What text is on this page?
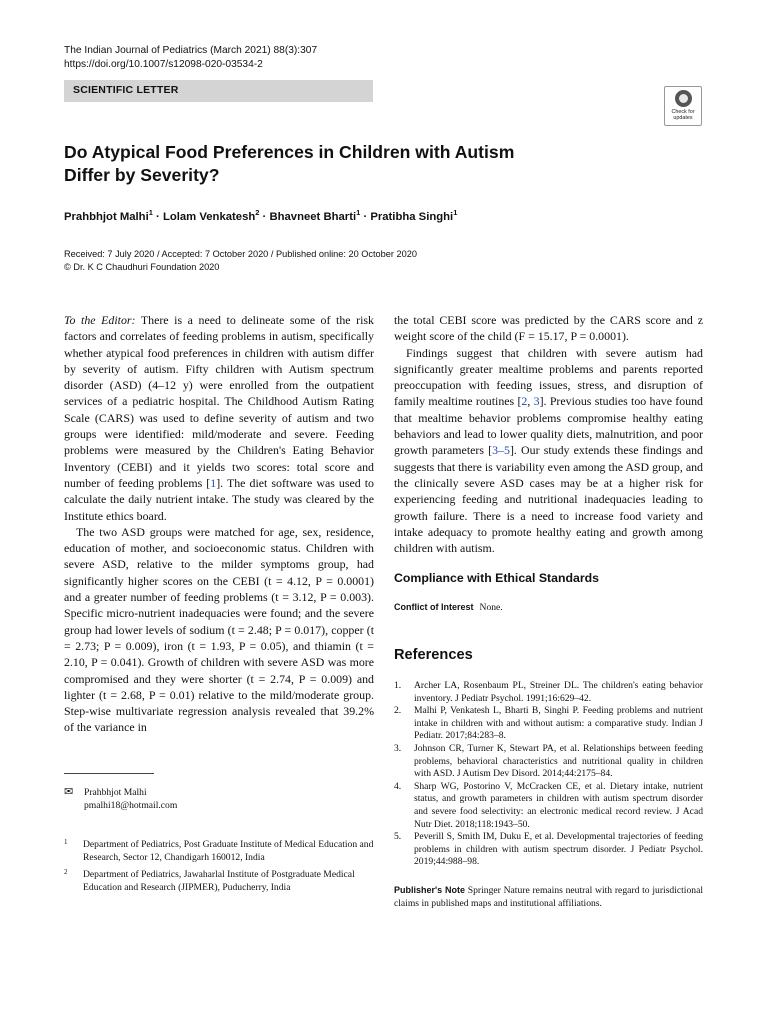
The Indian Journal of Pediatrics (March 2021) 88(3):307
https://doi.org/10.1007/s12098-020-03534-2
SCIENTIFIC LETTER
Check for updates
Do Atypical Food Preferences in Children with Autism Differ by Severity?
Prahbhjot Malhi$^1$ · Lolam Venkatesh$^2$ · Bhavneet Bharti$^1$ · Pratibha Singhi$^1$
Received: 7 July 2020 / Accepted: 7 October 2020 / Published online: 20 October 2020
© Dr. K C Chaudhuri Foundation 2020

To the Editor: There is a need to delineate some of the risk factors and correlates of feeding problems in autism, specifically whether atypical food preferences in children with autism differ by severity of autism. Fifty children with Autism spectrum disorder (ASD) (4–12 y) were enrolled from the outpatient services of a pediatric hospital. The Childhood Autism Rating Scale (CARS) was used to define severity of autism and two groups were identified: mild/moderate and severe. Feeding problems were measured by the Children's Eating Behavior Inventory (CEBI) and it yields two scores: total score and number of feeding problems [1]. The diet software was used to calculate the daily nutrient intake. The study was cleared by the Institute ethics board.

The two ASD groups were matched for age, sex, residence, education of mother, and socioeconomic status. Children with severe ASD, relative to the milder symptoms group, had significantly higher scores on the CEBI (t = 4.12, P = 0.0001) and a greater number of feeding problems (t = 3.12, P = 0.003). Specific micro-nutrient inadequacies were found; and the severe group had lower levels of sodium (t = 2.48; P = 0.017), copper (t = 2.73; P = 0.009), iron (t = 1.93, P = 0.05), and thiamin (t = 2.10, P = 0.041). Growth of children with severe ASD was more compromised and they were shorter (t = 2.74, P = 0.009) and lighter (t = 2.68, P = 0.01) relative to the mild/moderate group. Step-wise multivariate regression analysis revealed that 39.2% of the variance in

the total CEBI score was predicted by the CARS score and z weight score of the child (F = 15.17, P = 0.0001).

Findings suggest that children with severe autism had significantly greater mealtime problems and parents reported preoccupation with feeding issues, stress, and disruption of family mealtime routines [2, 3]. Previous studies too have found that mealtime behavior problems compromise healthy eating behaviors and lead to lower quality diets, malnutrition, and poor growth parameters [3–5]. Our study extends these findings and suggests that there is variability even among the ASD group, and the clinically severe ASD cases may be at a higher risk for experiencing feeding and nutritional inadequacies leading to growth failure. There is a need to increase food variety and intake adequacy to promote healthy eating and growth among children with autism.

Compliance with Ethical Standards
Conflict of Interest None.
References
1. Archer LA, Rosenbaum PL, Streiner DL. The children's eating behavior inventory. J Pediatr Psychol. 1991;16:629–42.
2. Malhi P, Venkatesh L, Bharti B, Singhi P. Feeding problems and nutrient intake in children with and without autism: a comparative study. Indian J Pediatr. 2017;84:283–8.
3. Johnson CR, Turner K, Stewart PA, et al. Relationships between feeding problems, behavioral characteristics and nutritional quality in children with ASD. J Autism Dev Disord. 2014;44:2175–84.
4. Sharp WG, Postorino V, McCracken CE, et al. Dietary intake, nutrient status, and growth parameters in children with autism spectrum disorder and severe food selectivity: an electronic medical record review. J Acad Nutr Diet. 2018;118:1943–50.
5. Peverill S, Smith IM, Duku E, et al. Developmental trajectories of feeding problems in children with autism spectrum disorder. J Pediatr Psychol. 2019;44:988–98.
Publisher's Note Springer Nature remains neutral with regard to jurisdictional claims in published maps and institutional affiliations.
✉ Prahbhjot Malhi
pmalhi18@hotmail.com
1 Department of Pediatrics, Post Graduate Institute of Medical Education and Research, Sector 12, Chandigarh 160012, India
2 Department of Pediatrics, Jawaharlal Institute of Postgraduate Medical Education and Research (JIPMER), Puducherry, India
